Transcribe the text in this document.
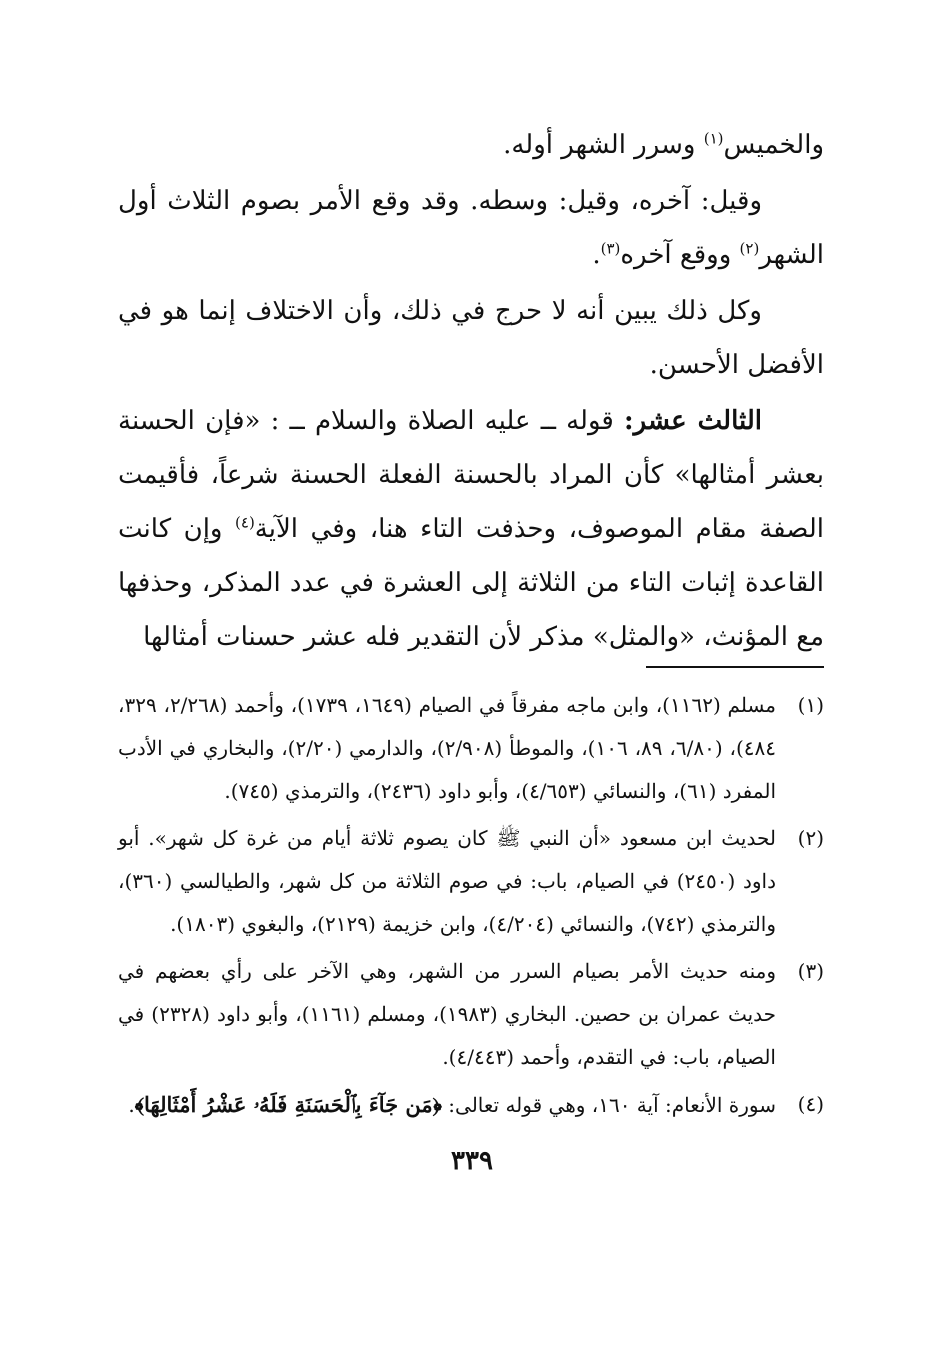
والخميس$^{(١)}$ وسرر الشهر أوله.

وقيل: آخره، وقيل: وسطه. وقد وقع الأمر بصوم الثلاث أول الشهر$^{(٢)}$ ووقع آخره$^{(٣)}$.

وكل ذلك يبين أنه لا حرج في ذلك، وأن الاختلاف إنما هو في الأفضل الأحسن.

الثالث عشر: قوله ــ عليه الصلاة والسلام ــ : «فإن الحسنة بعشر أمثالها» كأن المراد بالحسنة الفعلة الحسنة شرعاً، فأقيمت الصفة مقام الموصوف، وحذفت التاء هنا، وفي الآية$^{(٤)}$ وإن كانت القاعدة إثبات التاء من الثلاثة إلى العشرة في عدد المذكر، وحذفها مع المؤنث، «والمثل» مذكر لأن التقدير فله عشر حسنات أمثالها

(١)
مسلم (١١٦٢)، وابن ماجه مفرقاً في الصيام (١٦٤٩، ١٧٣٩)، وأحمد (٢/٢٦٨، ٣٢٩، ٤٨٤)، (٦/٨٠، ٨٩، ١٠٦)، والموطأ (٢/٩٠٨)، والدارمي (٢/٢٠)، والبخاري في الأدب المفرد (٦١)، والنسائي (٤/٦٥٣)، وأبو داود (٢٤٣٦)، والترمذي (٧٤٥).
(٢)
لحديث ابن مسعود «أن النبي ﷺ كان يصوم ثلاثة أيام من غرة كل شهر». أبو داود (٢٤٥٠) في الصيام، باب: في صوم الثلاثة من كل شهر، والطيالسي (٣٦٠)، والترمذي (٧٤٢)، والنسائي (٤/٢٠٤)، وابن خزيمة (٢١٢٩)، والبغوي (١٨٠٣).
(٣)
ومنه حديث الأمر بصيام السرر من الشهر، وهي الآخر على رأي بعضهم في حديث عمران بن حصين. البخاري (١٩٨٣)، ومسلم (١١٦١)، وأبو داود (٢٣٢٨) في الصيام، باب: في التقدم، وأحمد (٤/٤٤٣).
(٤)
سورة الأنعام: آية ١٦٠، وهي قوله تعالى: ﴿مَن جَآءَ بِٱلْحَسَنَةِ فَلَهُۥ عَشْرُ أَمْثَالِهَا﴾.
٣٣٩
